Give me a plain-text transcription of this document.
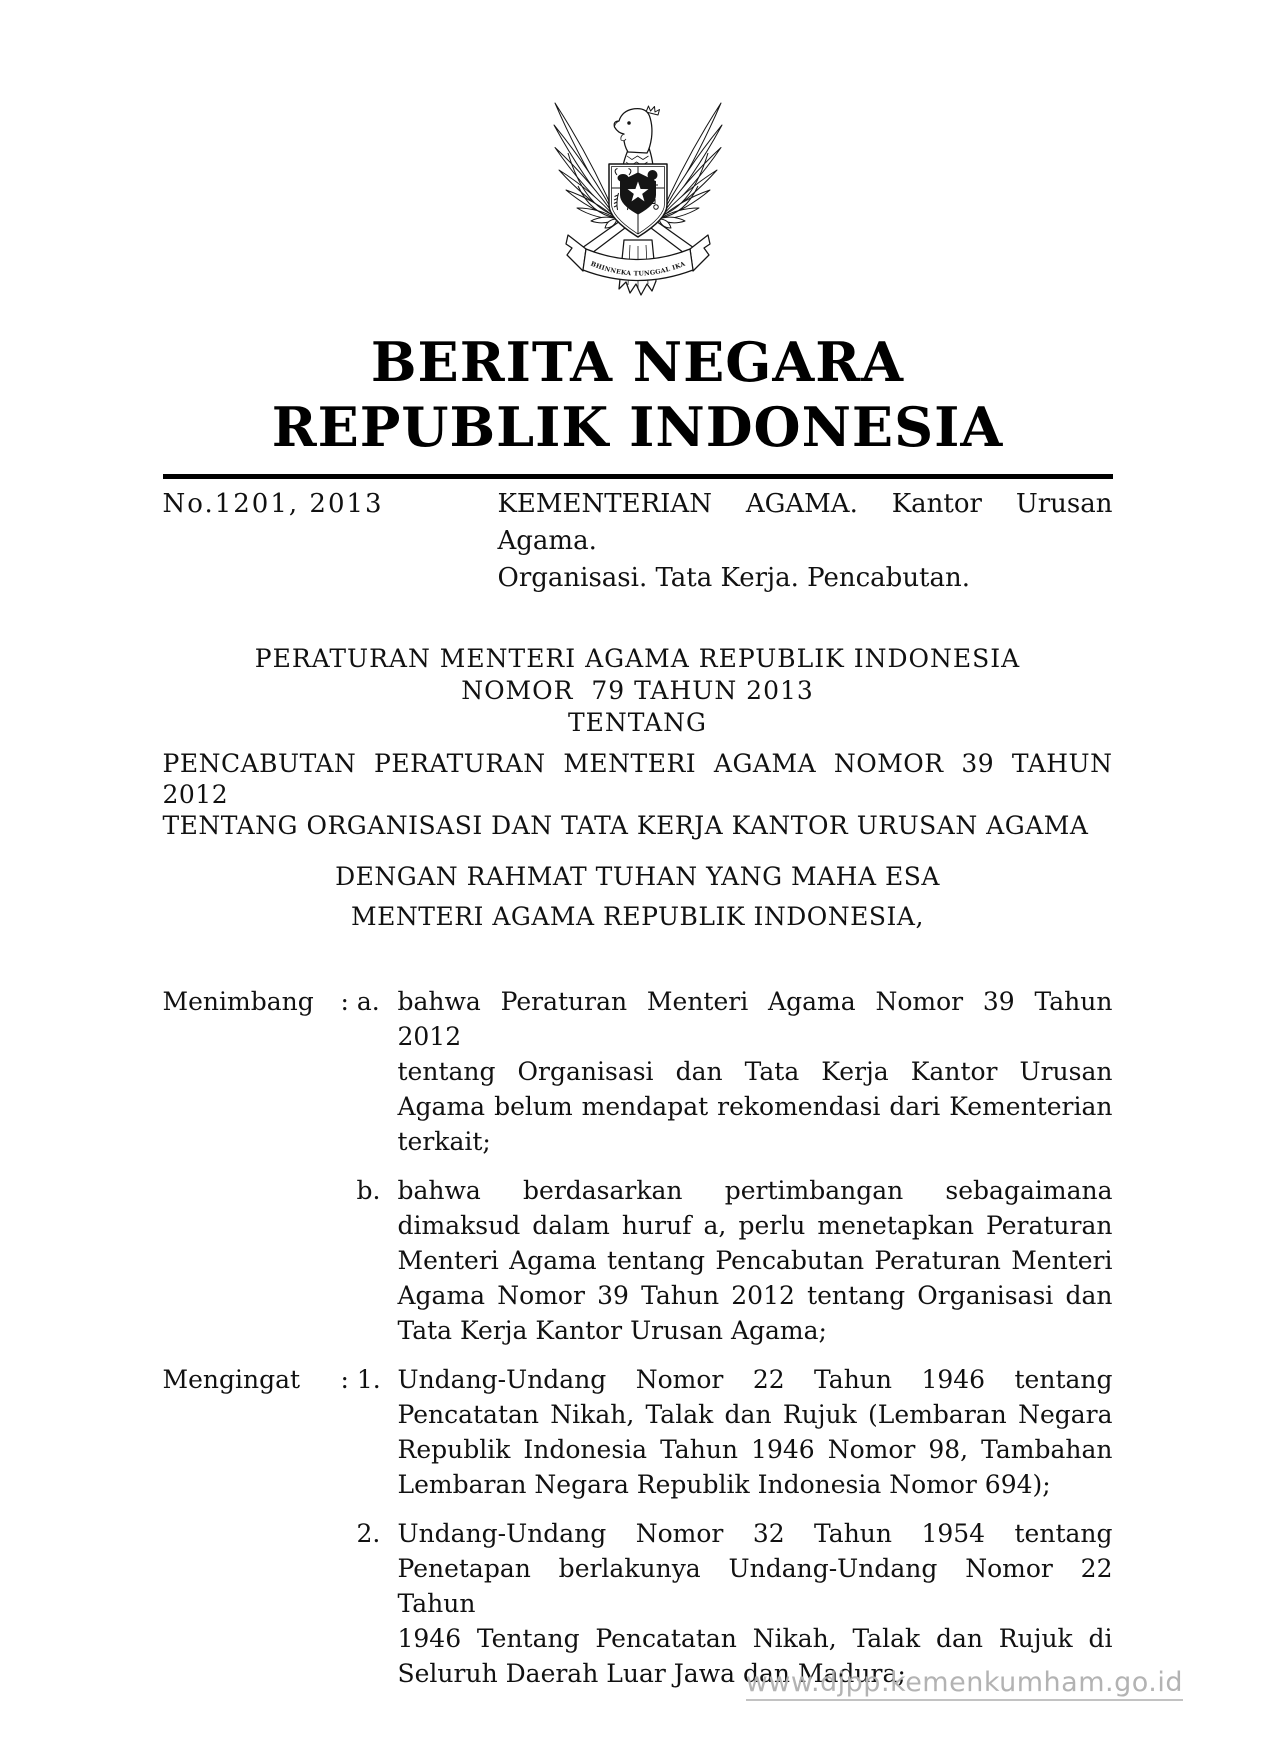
BHINNEKA TUNGGAL IKA
BERITA NEGARA
REPUBLIK INDONESIA
No.1201, 2013	KEMENTERIAN AGAMA. Kantor Urusan Agama.
Organisasi. Tata Kerja. Pencabutan.
PERATURAN MENTERI AGAMA REPUBLIK INDONESIA
NOMOR  79 TAHUN 2013
TENTANG
PENCABUTAN PERATURAN MENTERI AGAMA NOMOR 39 TAHUN 2012
TENTANG ORGANISASI DAN TATA KERJA KANTOR URUSAN AGAMA
DENGAN RAHMAT TUHAN YANG MAHA ESA
MENTERI AGAMA REPUBLIK INDONESIA,
Menimbang	: a. bahwa Peraturan Menteri Agama Nomor 39 Tahun 2012
tentang Organisasi dan Tata Kerja Kantor Urusan
Agama belum mendapat rekomendasi dari Kementerian
terkait;
b. bahwa berdasarkan pertimbangan sebagaimana
dimaksud dalam huruf a, perlu menetapkan Peraturan
Menteri Agama tentang Pencabutan Peraturan Menteri
Agama Nomor 39 Tahun 2012 tentang Organisasi dan
Tata Kerja Kantor Urusan Agama;
Mengingat	: 1. Undang-Undang Nomor 22 Tahun 1946 tentang
Pencatatan Nikah, Talak dan Rujuk (Lembaran Negara
Republik Indonesia Tahun 1946 Nomor 98, Tambahan
Lembaran Negara Republik Indonesia Nomor 694);
2. Undang-Undang Nomor 32 Tahun 1954 tentang
Penetapan berlakunya Undang-Undang Nomor 22 Tahun
1946 Tentang Pencatatan Nikah, Talak dan Rujuk di
Seluruh Daerah Luar Jawa dan Madura;
www.djpp.kemenkumham.go.id
